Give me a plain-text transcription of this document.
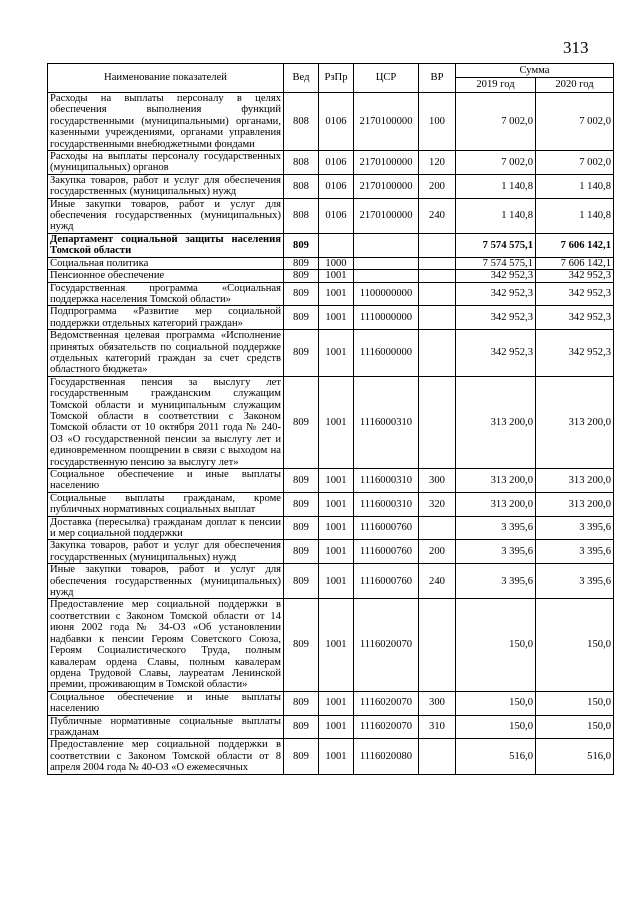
313
Наименование показателей	Вед	РзПр	ЦСР	ВР	Сумма	
					2019 год	2020 год
Расходы на выплаты персоналу в целях обеспечения выполнения функций государственными (муниципальными) органами, казенными учреждениями, органами управления государственными внебюджетными фондами	808	0106	2170100000	100	7 002,0	7 002,0
Расходы на выплаты персоналу государственных (муниципальных) органов	808	0106	2170100000	120	7 002,0	7 002,0
Закупка товаров, работ и услуг для обеспечения государственных (муниципальных) нужд	808	0106	2170100000	200	1 140,8	1 140,8
Иные закупки товаров, работ и услуг для обеспечения государственных (муниципальных) нужд	808	0106	2170100000	240	1 140,8	1 140,8
Департамент социальной защиты населения Томской области	809				7 574 575,1	7 606 142,1
Социальная политика	809	1000			7 574 575,1	7 606 142,1
Пенсионное обеспечение	809	1001			342 952,3	342 952,3
Государственная программа «Социальная поддержка населения Томской области»	809	1001	1100000000		342 952,3	342 952,3
Подпрограмма «Развитие мер социальной поддержки отдельных категорий граждан»	809	1001	1110000000		342 952,3	342 952,3
Ведомственная целевая программа «Исполнение принятых обязательств по социальной поддержке отдельных категорий граждан за счет средств областного бюджета»	809	1001	1116000000		342 952,3	342 952,3
Государственная пенсия за выслугу лет государственным гражданским служащим Томской области и муниципальным служащим Томской области в соответствии с Законом Томской области от 10 октября 2011 года № 240-ОЗ «О государственной пенсии за выслугу лет и единовременном поощрении в связи с выходом на государственную пенсию за выслугу лет»	809	1001	1116000310		313 200,0	313 200,0
Социальное обеспечение и иные выплаты населению	809	1001	1116000310	300	313 200,0	313 200,0
Социальные выплаты гражданам, кроме публичных нормативных социальных выплат	809	1001	1116000310	320	313 200,0	313 200,0
Доставка (пересылка) гражданам доплат к пенсии и мер социальной поддержки	809	1001	1116000760		3 395,6	3 395,6
Закупка товаров, работ и услуг для обеспечения государственных (муниципальных) нужд	809	1001	1116000760	200	3 395,6	3 395,6
Иные закупки товаров, работ и услуг для обеспечения государственных (муниципальных) нужд	809	1001	1116000760	240	3 395,6	3 395,6
Предоставление мер социальной поддержки в соответствии с Законом Томской области от 14 июня 2002 года № 34-ОЗ «Об установлении надбавки к пенсии Героям Советского Союза, Героям Социалистического Труда, полным кавалерам ордена Славы, полным кавалерам ордена Трудовой Славы, лауреатам Ленинской премии, проживающим в Томской области»	809	1001	1116020070		150,0	150,0
Социальное обеспечение и иные выплаты населению	809	1001	1116020070	300	150,0	150,0
Публичные нормативные социальные выплаты гражданам	809	1001	1116020070	310	150,0	150,0
Предоставление мер социальной поддержки в соответствии с Законом Томской области от 8 апреля 2004 года № 40-ОЗ «О ежемесячных	809	1001	1116020080		516,0	516,0
